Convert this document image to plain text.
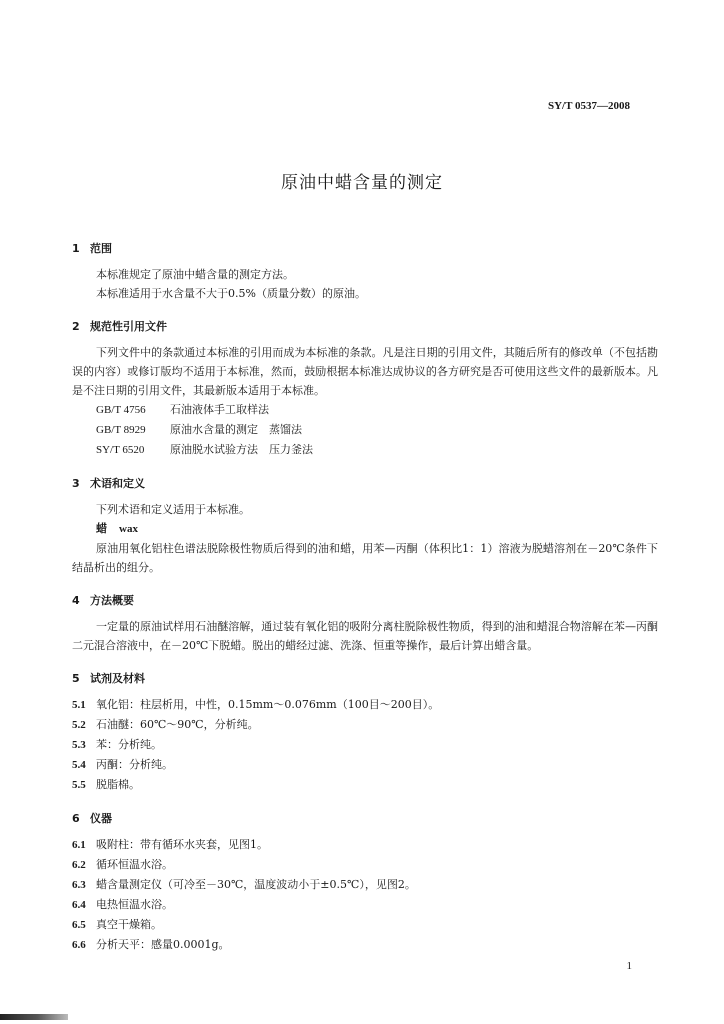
SY/T 0537—2008
原油中蜡含量的测定
1 范围

本标准规定了原油中蜡含量的测定方法。

本标准适用于水含量不大于0.5%（质量分数）的原油。

2 规范性引用文件

下列文件中的条款通过本标准的引用而成为本标准的条款。凡是注日期的引用文件，其随后所有的修改单（不包括勘误的内容）或修订版均不适用于本标准，然而，鼓励根据本标准达成协议的各方研究是否可使用这些文件的最新版本。凡是不注日期的引用文件，其最新版本适用于本标准。

GB/T 4756 石油液体手工取样法

GB/T 8929 原油水含量的测定　蒸馏法

SY/T 6520 原油脱水试验方法　压力釜法

3 术语和定义

下列术语和定义适用于本标准。

蜡 wax

原油用氧化铝柱色谱法脱除极性物质后得到的油和蜡，用苯—丙酮（体积比1：1）溶液为脱蜡溶剂在－20℃条件下结晶析出的组分。

4 方法概要

一定量的原油试样用石油醚溶解，通过装有氧化铝的吸附分离柱脱除极性物质，得到的油和蜡混合物溶解在苯—丙酮二元混合溶液中，在－20℃下脱蜡。脱出的蜡经过滤、洗涤、恒重等操作，最后计算出蜡含量。

5 试剂及材料

5.1 氧化铝：柱层析用，中性，0.15mm～0.076mm（100目～200目）。

5.2 石油醚：60℃～90℃，分析纯。

5.3 苯：分析纯。

5.4 丙酮：分析纯。

5.5 脱脂棉。

6 仪器

6.1 吸附柱：带有循环水夹套，见图1。

6.2 循环恒温水浴。

6.3 蜡含量测定仪（可冷至－30℃，温度波动小于±0.5℃），见图2。

6.4 电热恒温水浴。

6.5 真空干燥箱。

6.6 分析天平：感量0.0001g。

1
